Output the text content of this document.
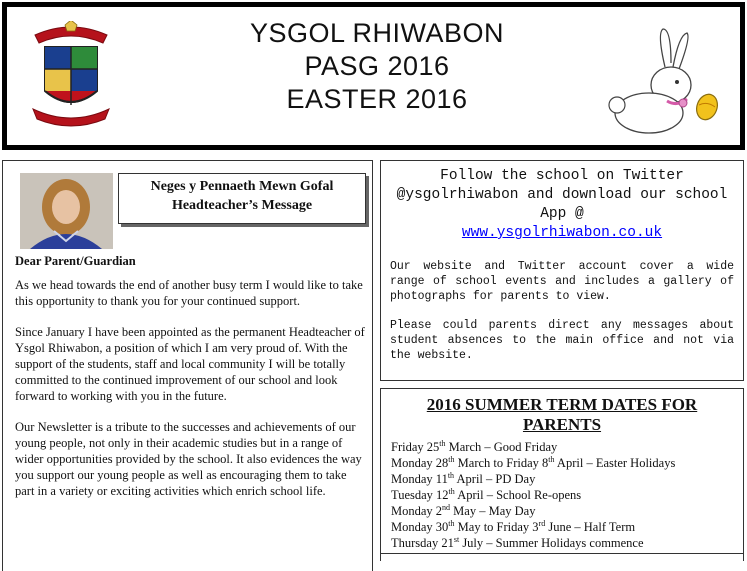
YSGOL RHIWABON
PASG 2016
EASTER 2016
Neges y Pennaeth Mewn Gofal
Headteacher’s Message

Dear Parent/Guardian

As we head towards the end of another busy term I would like to take this opportunity to thank you for your continued support.

Since January I have been appointed as the permanent Headteacher of Ysgol Rhiwabon, a position of which I am very proud of. With the support of the students, staff and local community I will be totally committed to the continued improvement of our school and look forward to working with you in the future.

Our Newsletter is a tribute to the successes and achievements of our young people, not only in their academic studies but in a range of wider opportunities provided by the school. It also evidences the way you support our young people as well as encouraging them to take part in a variety or exciting activities which enrich school life.

Follow the school on Twitter
@ysgolrhiwabon and download our school
App @
www.ysgolrhiwabon.co.uk

Our website and Twitter account cover a wide range of school events and includes a gallery of photographs for parents to view.

Please could parents direct any messages about student absences to the main office and not via the website.

2016 SUMMER TERM DATES FOR
PARENTS
Friday 25th March – Good Friday
Monday 28th March to Friday 8th April – Easter Holidays
Monday 11th April – PD Day
Tuesday 12th April – School Re-opens
Monday 2nd May – May Day
Monday 30th May to Friday 3rd June – Half Term
Thursday 21st July – Summer Holidays commence
